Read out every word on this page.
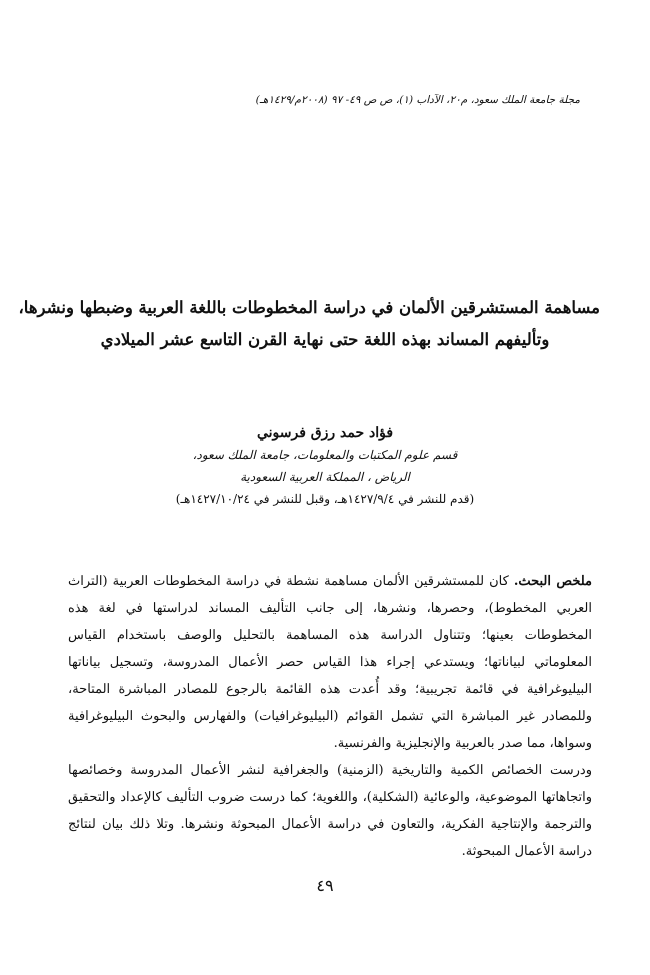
مجلة جامعة الملك سعود، م٢٠، الآداب (١)، ص ص ٤٩- ٩٧ (٢٠٠٨م/١٤٢٩هـ)
مساهمة المستشرقين الألمان في دراسة المخطوطات باللغة العربية وضبطها ونشرها،
وتأليفهم المساند بهذه اللغة حتى نهاية القرن التاسع عشر الميلادي
فؤاد حمد رزق فرسوني
قسم علوم المكتبات والمعلومات، جامعة الملك سعود،
الرياض ، المملكة العربية السعودية
(قدم للنشر في ١٤٢٧/٩/٤هـ، وقبل للنشر في ١٤٢٧/١٠/٢٤هـ)

ملخص البحث. كان للمستشرقين الألمان مساهمة نشطة في دراسة المخطوطات العربية (التراث العربي المخطوط)، وحصرها، ونشرها، إلى جانب التأليف المساند لدراستها في لغة هذه المخطوطات بعينها؛ وتتناول الدراسة هذه المساهمة بالتحليل والوصف باستخدام القياس المعلوماتي لبياناتها؛ ويستدعي إجراء هذا القياس حصر الأعمال المدروسة، وتسجيل بياناتها البيليوغرافية في قائمة تجريبية؛ وقد أُعدت هذه القائمة بالرجوع للمصادر المباشرة المتاحة، وللمصادر غير المباشرة التي تشمل القوائم (البيليوغرافيات) والفهارس والبحوث البيليوغرافية وسواها، مما صدر بالعربية والإنجليزية والفرنسية.

ودرست الخصائص الكمية والتاريخية (الزمنية) والجغرافية لنشر الأعمال المدروسة وخصائصها واتجاهاتها الموضوعية، والوعائية (الشكلية)، واللغوية؛ كما درست ضروب التأليف كالإعداد والتحقيق والترجمة والإنتاجية الفكرية، والتعاون في دراسة الأعمال المبحوثة ونشرها. وتلا ذلك بيان لنتائج دراسة الأعمال المبحوثة.

٤٩
